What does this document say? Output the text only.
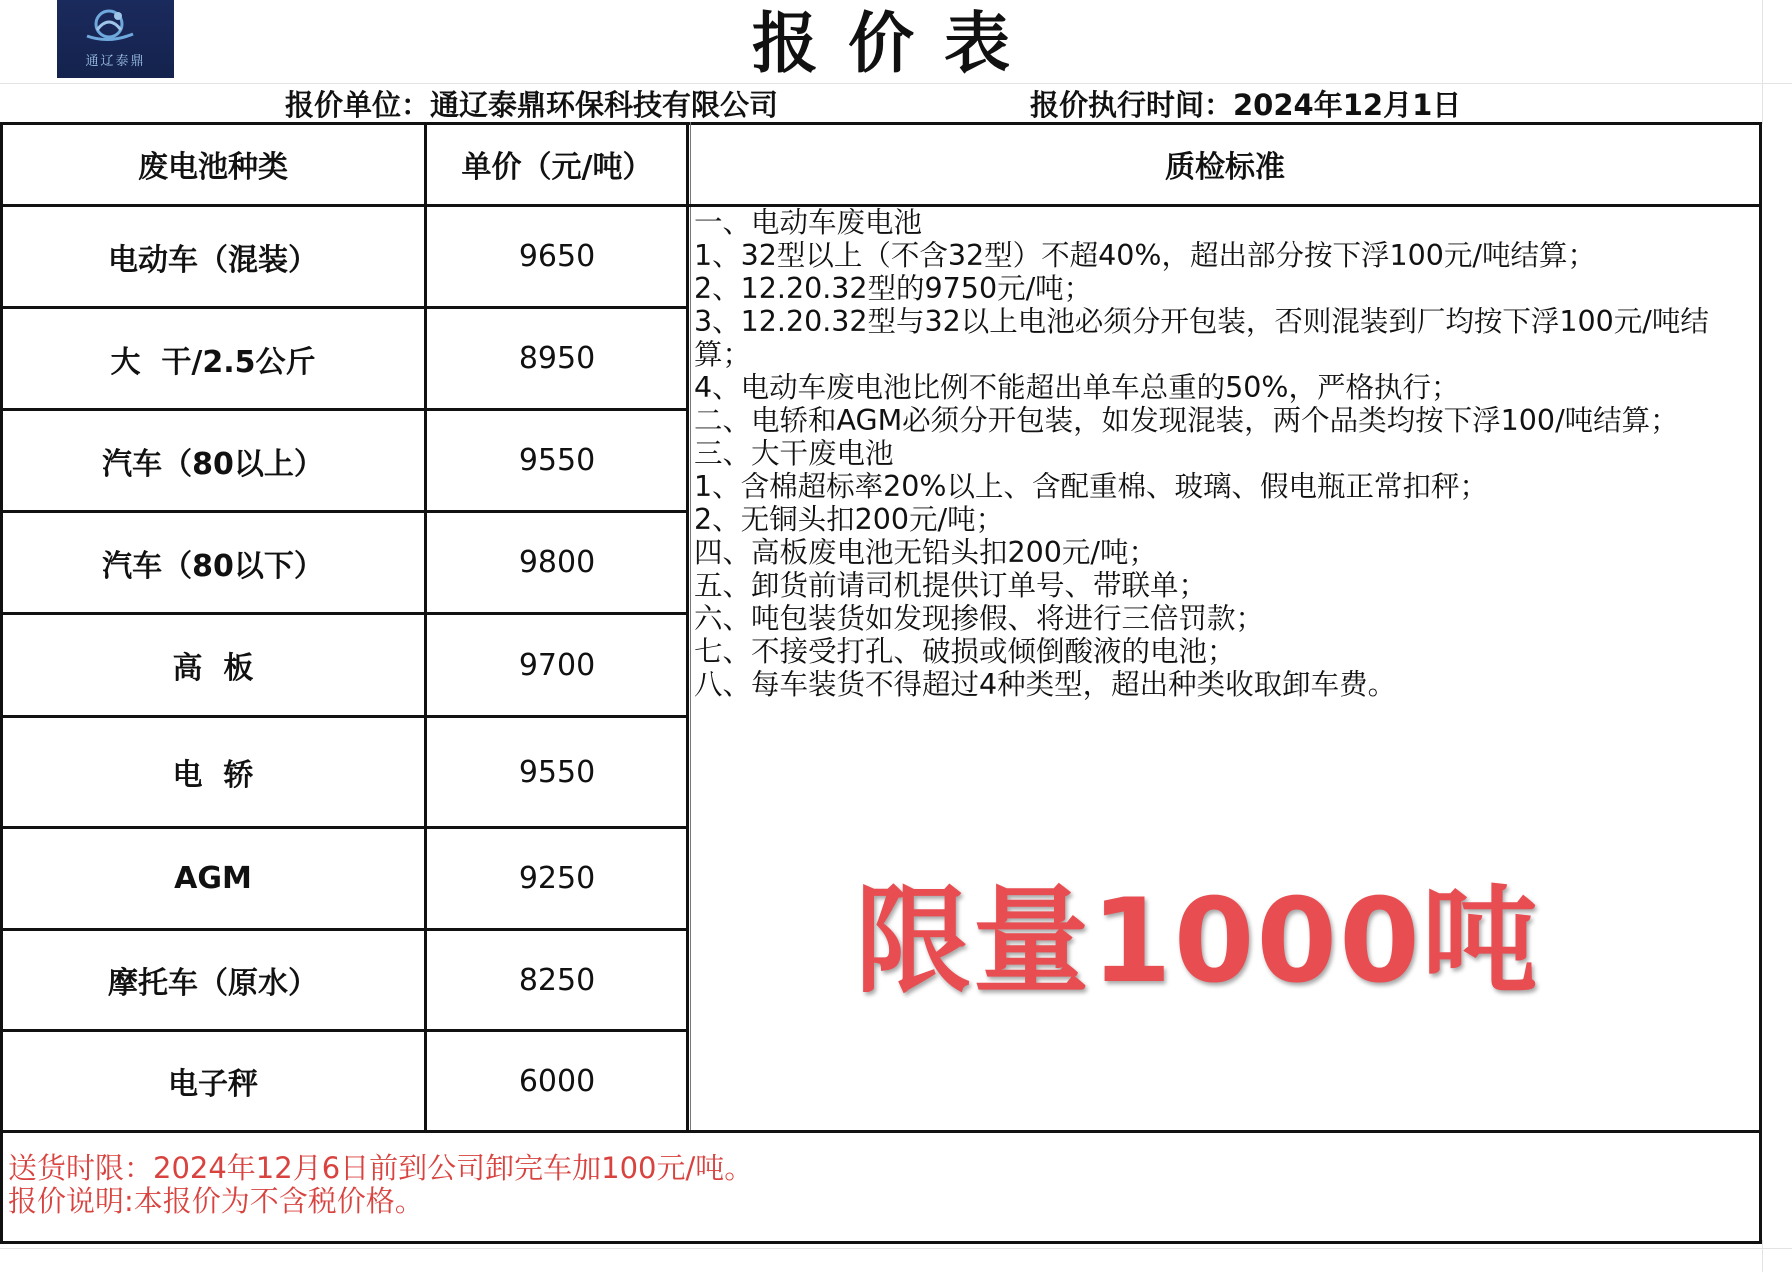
通辽泰鼎	报价表
报价单位：通辽泰鼎环保科技有限公司	报价执行时间：2024年12月1日
废电池种类	单价（元/吨）	质检标准
电动车（混装）	9650
大  干/2.5公斤	8950
汽车（80以上）	9550
汽车（80以下）	9800
高  板	9700
电  轿	9550
AGM	9250
摩托车（原水）	8250
电子秤	6000
一、电动车废电池
1、32型以上（不含32型）不超40%，超出部分按下浮100元/吨结算；
2、12.20.32型的9750元/吨；
3、12.20.32型与32以上电池必须分开包装，否则混装到厂均按下浮100元/吨结算；
4、电动车废电池比例不能超出单车总重的50%，严格执行；
二、电轿和AGM必须分开包装，如发现混装，两个品类均按下浮100/吨结算；
三、大干废电池
1、含棉超标率20%以上、含配重棉、玻璃、假电瓶正常扣秤；
2、无铜头扣200元/吨；
四、高板废电池无铅头扣200元/吨；
五、卸货前请司机提供订单号、带联单；
六、吨包装货如发现掺假、将进行三倍罚款；
七、不接受打孔、破损或倾倒酸液的电池；
八、每车装货不得超过4种类型，超出种类收取卸车费。
限量1000吨
送货时限：2024年12月6日前到公司卸完车加100元/吨。
报价说明:本报价为不含税价格。
